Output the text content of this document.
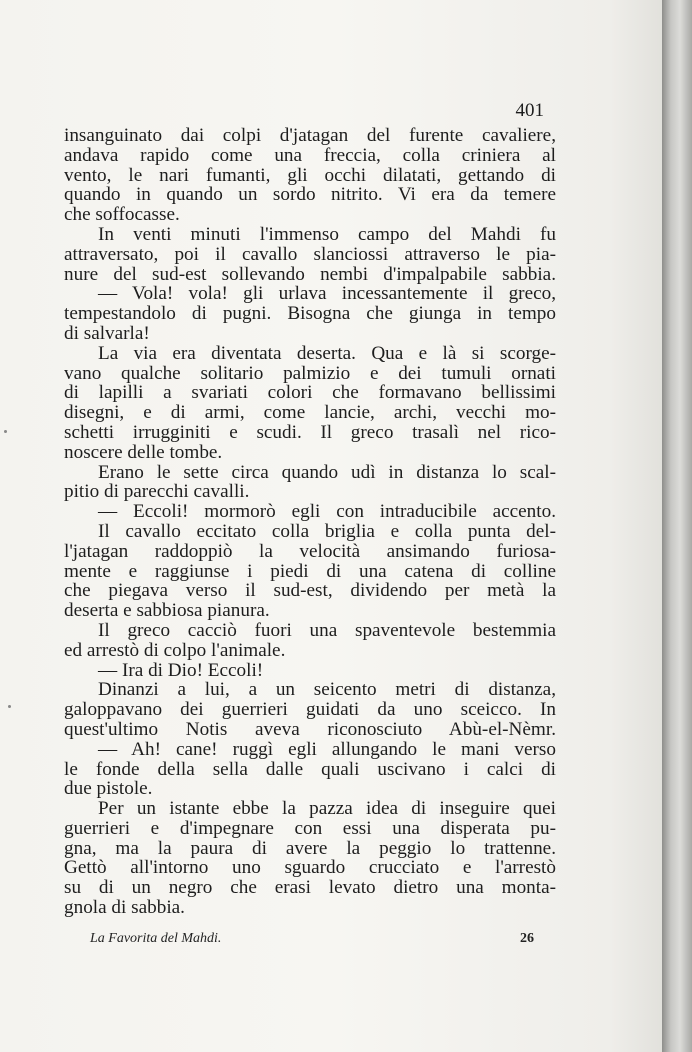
401
insanguinato dai colpi d'jatagan del furente cavaliere,
andava rapido come una freccia, colla criniera al
vento, le nari fumanti, gli occhi dilatati, gettando di
quando in quando un sordo nitrito. Vi era da temere
che soffocasse.
In venti minuti l'immenso campo del Mahdi fu
attraversato, poi il cavallo slanciossi attraverso le pia-
nure del sud-est sollevando nembi d'impalpabile sabbia.
— Vola! vola! gli urlava incessantemente il greco,
tempestandolo di pugni. Bisogna che giunga in tempo
di salvarla!
La via era diventata deserta. Qua e là si scorge-
vano qualche solitario palmizio e dei tumuli ornati
di lapilli a svariati colori che formavano bellissimi
disegni, e di armi, come lancie, archi, vecchi mo-
schetti irrugginiti e scudi. Il greco trasalì nel rico-
noscere delle tombe.
Erano le sette circa quando udì in distanza lo scal-
pitio di parecchi cavalli.
— Eccoli! mormorò egli con intraducibile accento.
Il cavallo eccitato colla briglia e colla punta del-
l'jatagan raddoppiò la velocità ansimando furiosa-
mente e raggiunse i piedi di una catena di colline
che piegava verso il sud-est, dividendo per metà la
deserta e sabbiosa pianura.
Il greco cacciò fuori una spaventevole bestemmia
ed arrestò di colpo l'animale.
— Ira di Dio! Eccoli!
Dinanzi a lui, a un seicento metri di distanza,
galoppavano dei guerrieri guidati da uno sceicco. In
quest'ultimo Notis aveva riconosciuto Abù-el-Nèmr.
— Ah! cane! ruggì egli allungando le mani verso
le fonde della sella dalle quali uscivano i calci di
due pistole.
Per un istante ebbe la pazza idea di inseguire quei
guerrieri e d'impegnare con essi una disperata pu-
gna, ma la paura di avere la peggio lo trattenne.
Gettò all'intorno uno sguardo crucciato e l'arrestò
su di un negro che erasi levato dietro una monta-
gnola di sabbia.
La Favorita del Mahdi.	26
